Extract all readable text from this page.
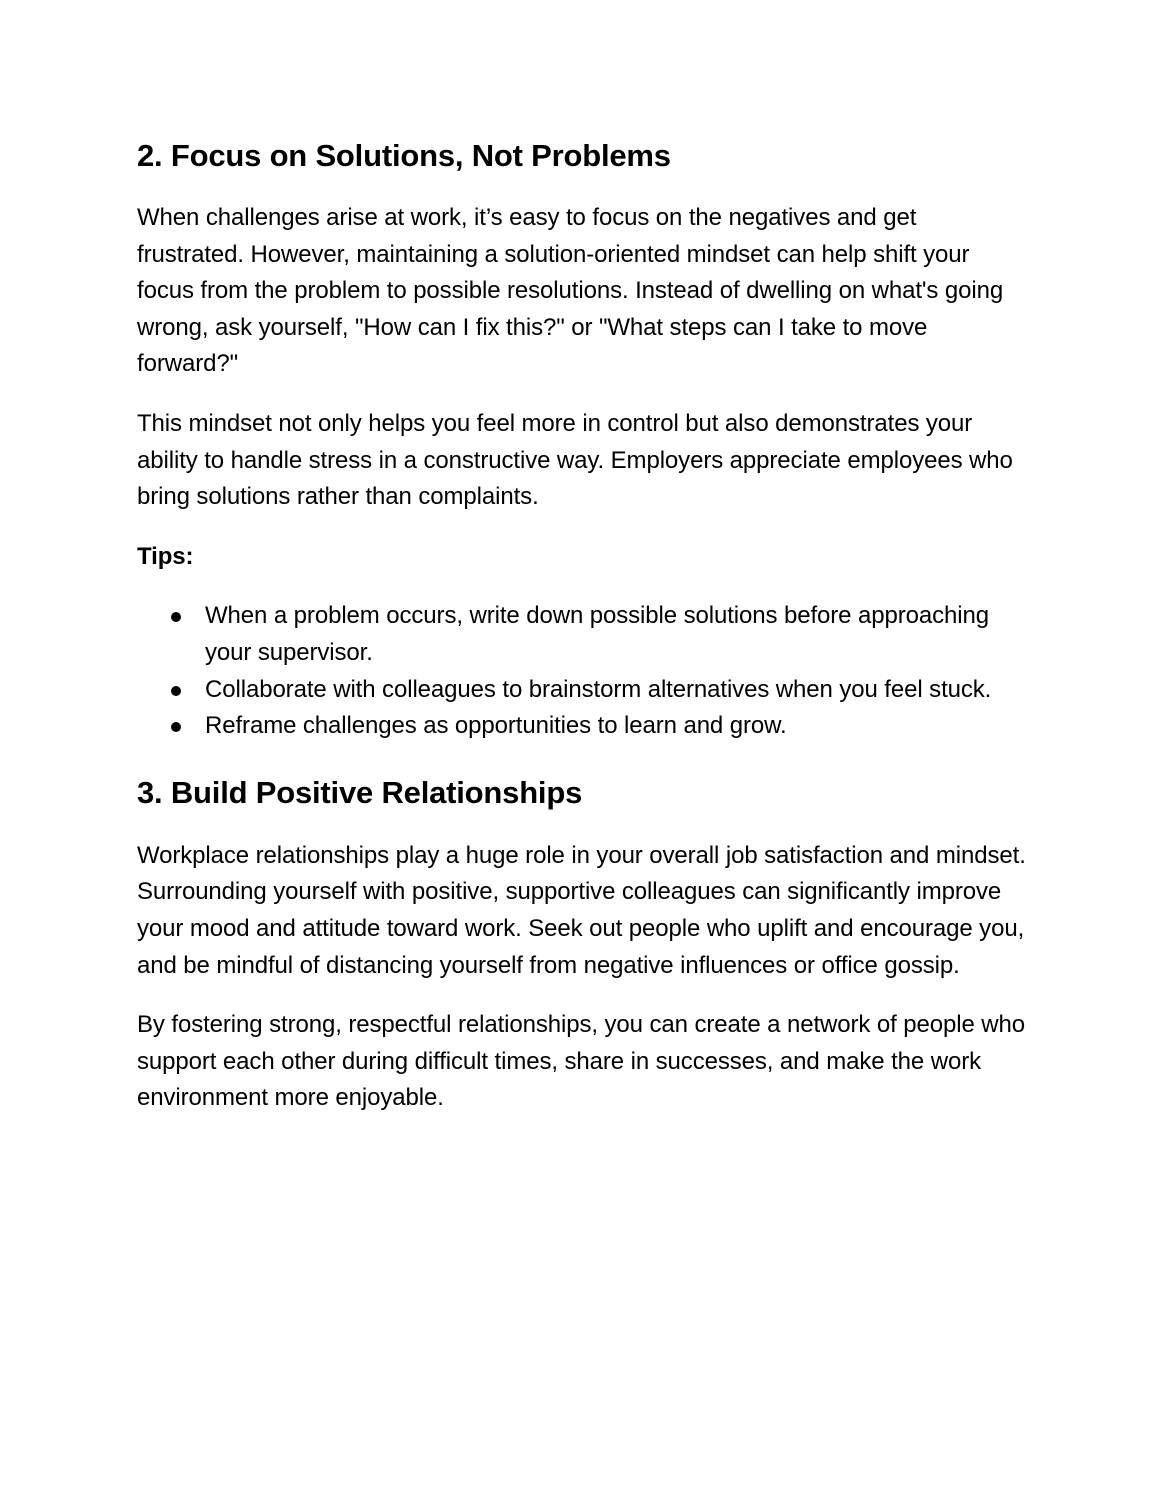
2. Focus on Solutions, Not Problems

When challenges arise at work, it’s easy to focus on the negatives and get frustrated. However, maintaining a solution-oriented mindset can help shift your focus from the problem to possible resolutions. Instead of dwelling on what's going wrong, ask yourself, "How can I fix this?" or "What steps can I take to move forward?"

This mindset not only helps you feel more in control but also demonstrates your ability to handle stress in a constructive way. Employers appreciate employees who bring solutions rather than complaints.

Tips:

When a problem occurs, write down possible solutions before approaching your supervisor.
Collaborate with colleagues to brainstorm alternatives when you feel stuck.
Reframe challenges as opportunities to learn and grow.
3. Build Positive Relationships

Workplace relationships play a huge role in your overall job satisfaction and mindset. Surrounding yourself with positive, supportive colleagues can significantly improve your mood and attitude toward work. Seek out people who uplift and encourage you, and be mindful of distancing yourself from negative influences or office gossip.

By fostering strong, respectful relationships, you can create a network of people who support each other during difficult times, share in successes, and make the work environment more enjoyable.
